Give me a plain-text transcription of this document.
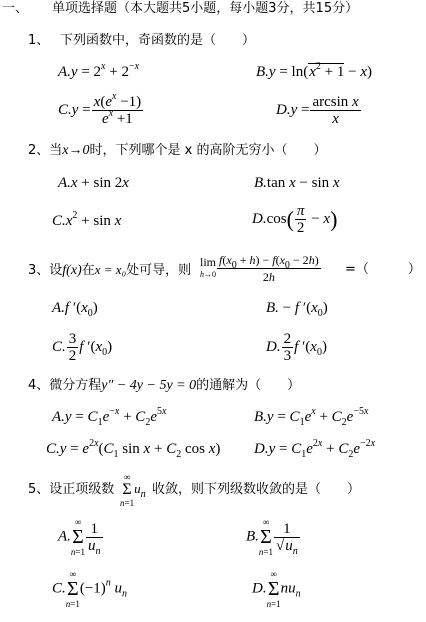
一、 单项选择题（本大题共5小题，每小题3分，共15分）
1、 下列函数中，奇函数的是（　　）
$A.y = 2^x + 2^{-x}$	$B.y = \ln(x^2 + 1 - x)$
$C.y = \frac{x(e^x -1)}{e^x +1}$	$D.y = \frac{\text{arcsin x}}{x}$
2、当x→0时，下列哪个是 x 的高阶无穷小（　　）
A.x + sin 2x	B.tan x − sin x
$C.x^2 + \sin x$	$D.\cos( \frac{\pi}{2} - x)$
3、设f(x)在x = x₀处可导，则
lim
$h\to 0 \frac{f(x_0 + h) - f(x_0 - 2h)}{2h}$ =（　　　）
A.f $'(x_0)$	B. − f $'(x_0)$
C. $\frac{3}{2}$ f $'(x_0)$	D. $\frac{2}{3}$ f $'(x_0)$
4、微分方程y″ − 4y − 5y = 0的通解为（　　）
$A.y = C_1e^{-x} + C_2e^{5x}$	$B.y = C_1e^x + C_2e^{-5x}$
$C.y = e^{2x}(C_1$ $\sin x + C_2$ cos x) $D.y = C_1e^{2x} + C_2e^{-2x}$
5、设正项级数
∞
Σ
n=1
$u_n$ 收敛，则下列级数收敛的是（　　）
A.
∞
Σ
$n=1 \frac{1}{u_n}$	B.
∞
Σ
$n=1 \frac{1}{√u_n}$
C.
∞
Σ
n=1
$(-1)^n$ $u_n$	D.
∞
Σ
n=1
$nu_n$
